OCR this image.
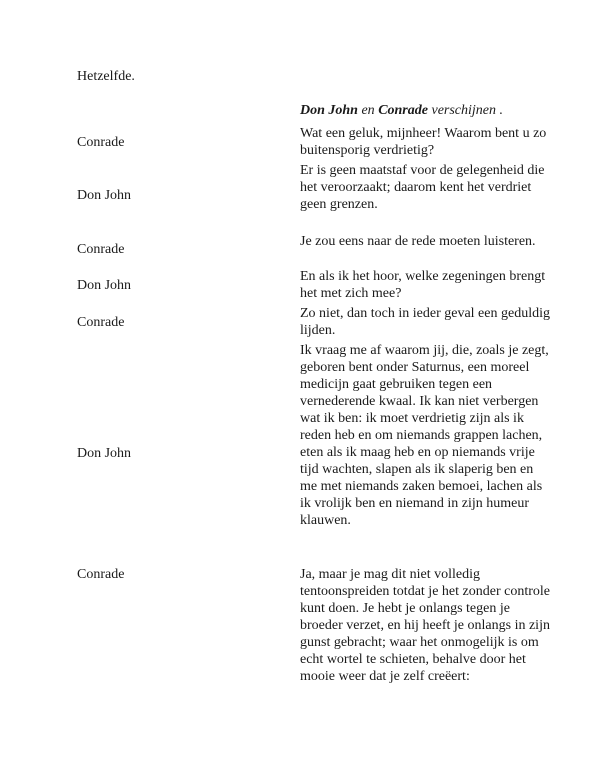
Hetzelfde.
Don John en Conrade verschijnen .
Conrade

Wat een geluk, mijnheer! Waarom bent u zo buitensporig verdrietig?

Don John

Er is geen maatstaf voor de gelegenheid die het veroorzaakt; daarom kent het verdriet geen grenzen.

Conrade

Je zou eens naar de rede moeten luisteren.

Don John

En als ik het hoor, welke zegeningen brengt het met zich mee?

Conrade

Zo niet, dan toch in ieder geval een geduldig lijden.

Don John

Ik vraag me af waarom jij, die, zoals je zegt, geboren bent onder Saturnus, een moreel medicijn gaat gebruiken tegen een vernederende kwaal. Ik kan niet verbergen wat ik ben: ik moet verdrietig zijn als ik reden heb en om niemands grappen lachen, eten als ik maag heb en op niemands vrije tijd wachten, slapen als ik slaperig ben en me met niemands zaken bemoei, lachen als ik vrolijk ben en niemand in zijn humeur klauwen.

Conrade	Ja, maar je mag dit niet volledig tentoonspreiden totdat je het zonder controle kunt doen. Je hebt je onlangs tegen je broeder verzet, en hij heeft je onlangs in zijn gunst gebracht; waar het onmogelijk is om echt wortel te schieten, behalve door het mooie weer dat je zelf creëert:
